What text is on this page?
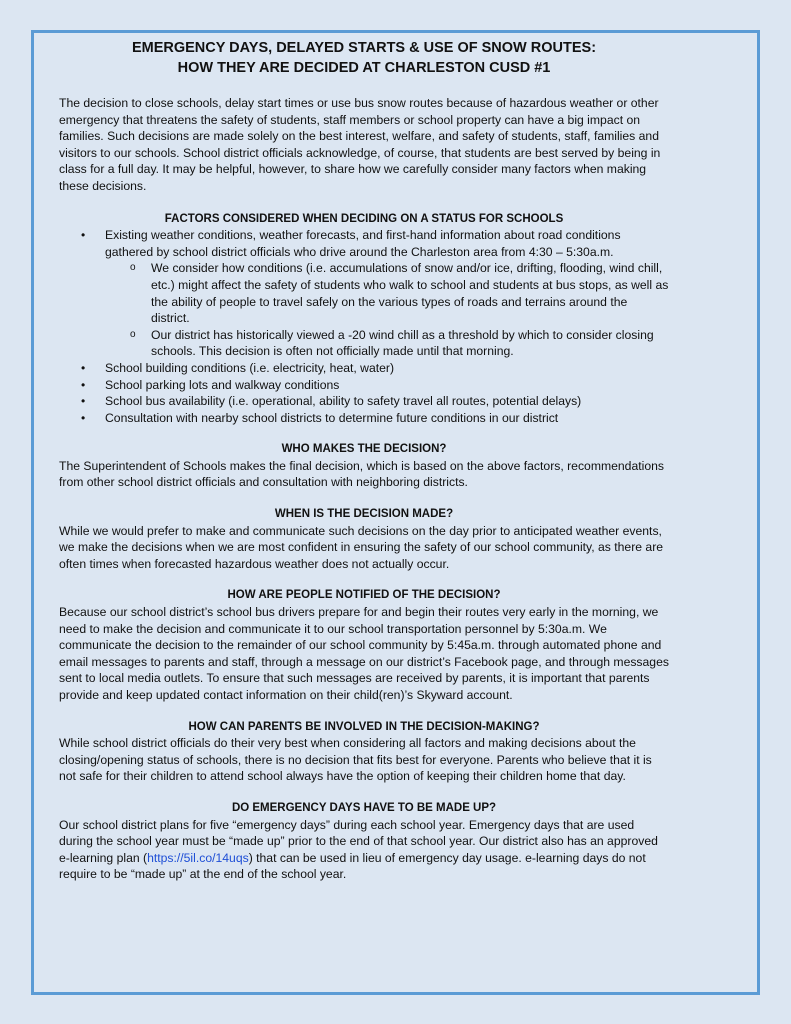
EMERGENCY DAYS, DELAYED STARTS & USE OF SNOW ROUTES:
HOW THEY ARE DECIDED AT CHARLESTON CUSD #1

The decision to close schools, delay start times or use bus snow routes because of hazardous weather or other emergency that threatens the safety of students, staff members or school property can have a big impact on families. Such decisions are made solely on the best interest, welfare, and safety of students, staff, families and visitors to our schools. School district officials acknowledge, of course, that students are best served by being in class for a full day. It may be helpful, however, to share how we carefully consider many factors when making these decisions.

FACTORS CONSIDERED WHEN DECIDING ON A STATUS FOR SCHOOLS
• Existing weather conditions, weather forecasts, and first-hand information about road conditions gathered by school district officials who drive around the Charleston area from 4:30 – 5:30a.m.
o We consider how conditions (i.e. accumulations of snow and/or ice, drifting, flooding, wind chill, etc.) might affect the safety of students who walk to school and students at bus stops, as well as the ability of people to travel safely on the various types of roads and terrains around the district.
o Our district has historically viewed a -20 wind chill as a threshold by which to consider closing schools. This decision is often not officially made until that morning.
• School building conditions (i.e. electricity, heat, water)
• School parking lots and walkway conditions
• School bus availability (i.e. operational, ability to safety travel all routes, potential delays)
• Consultation with nearby school districts to determine future conditions in our district
WHO MAKES THE DECISION?

The Superintendent of Schools makes the final decision, which is based on the above factors, recommendations from other school district officials and consultation with neighboring districts.

WHEN IS THE DECISION MADE?

While we would prefer to make and communicate such decisions on the day prior to anticipated weather events, we make the decisions when we are most confident in ensuring the safety of our school community, as there are often times when forecasted hazardous weather does not actually occur.

HOW ARE PEOPLE NOTIFIED OF THE DECISION?

Because our school district’s school bus drivers prepare for and begin their routes very early in the morning, we need to make the decision and communicate it to our school transportation personnel by 5:30a.m. We communicate the decision to the remainder of our school community by 5:45a.m. through automated phone and email messages to parents and staff, through a message on our district’s Facebook page, and through messages sent to local media outlets. To ensure that such messages are received by parents, it is important that parents provide and keep updated contact information on their child(ren)’s Skyward account.

HOW CAN PARENTS BE INVOLVED IN THE DECISION-MAKING?

While school district officials do their very best when considering all factors and making decisions about the closing/opening status of schools, there is no decision that fits best for everyone. Parents who believe that it is not safe for their children to attend school always have the option of keeping their children home that day.

DO EMERGENCY DAYS HAVE TO BE MADE UP?

Our school district plans for five “emergency days” during each school year. Emergency days that are used during the school year must be “made up” prior to the end of that school year. Our district also has an approved e-learning plan (https://5il.co/14uqs) that can be used in lieu of emergency day usage. e-learning days do not require to be “made up” at the end of the school year.
